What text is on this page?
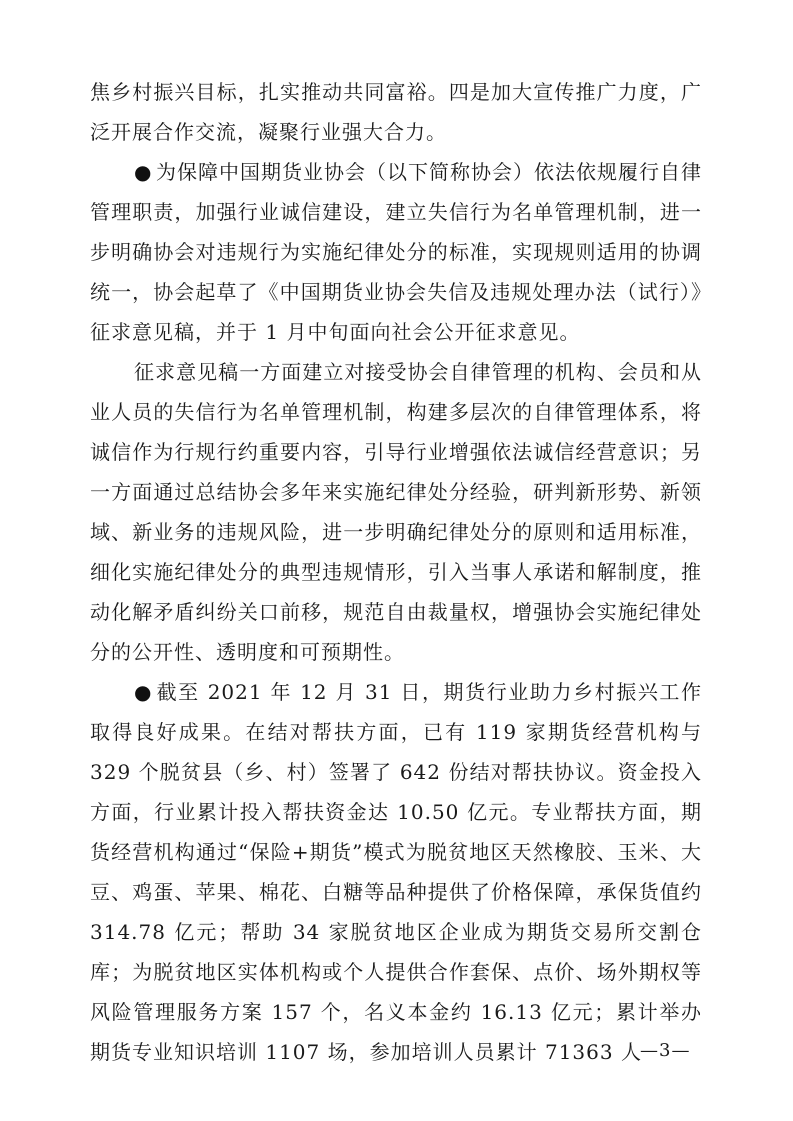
焦乡村振兴目标，扎实推动共同富裕。四是加大宣传推广力度，广泛开展合作交流，凝聚行业强大合力。

● 为保障中国期货业协会（以下简称协会）依法依规履行自律管理职责，加强行业诚信建设，建立失信行为名单管理机制，进一步明确协会对违规行为实施纪律处分的标准，实现规则适用的协调统一，协会起草了《中国期货业协会失信及违规处理办法（试行）》征求意见稿，并于 1 月中旬面向社会公开征求意见。

征求意见稿一方面建立对接受协会自律管理的机构、会员和从业人员的失信行为名单管理机制，构建多层次的自律管理体系，将诚信作为行规行约重要内容，引导行业增强依法诚信经营意识；另一方面通过总结协会多年来实施纪律处分经验，研判新形势、新领域、新业务的违规风险，进一步明确纪律处分的原则和适用标准，细化实施纪律处分的典型违规情形，引入当事人承诺和解制度，推动化解矛盾纠纷关口前移，规范自由裁量权，增强协会实施纪律处分的公开性、透明度和可预期性。

● 截至 2021 年 12 月 31 日，期货行业助力乡村振兴工作取得良好成果。在结对帮扶方面，已有 119 家期货经营机构与 329 个脱贫县（乡、村）签署了 642 份结对帮扶协议。资金投入方面，行业累计投入帮扶资金达 10.50 亿元。专业帮扶方面，期货经营机构通过“保险+期货”模式为脱贫地区天然橡胶、玉米、大豆、鸡蛋、苹果、棉花、白糖等品种提供了价格保障，承保货值约 314.78 亿元；帮助 34 家脱贫地区企业成为期货交易所交割仓库；为脱贫地区实体机构或个人提供合作套保、点价、场外期权等风险管理服务方案 157 个，名义本金约 16.13 亿元；累计举办期货专业知识培训 1107 场，参加培训人员累计 71363 人

—3—
